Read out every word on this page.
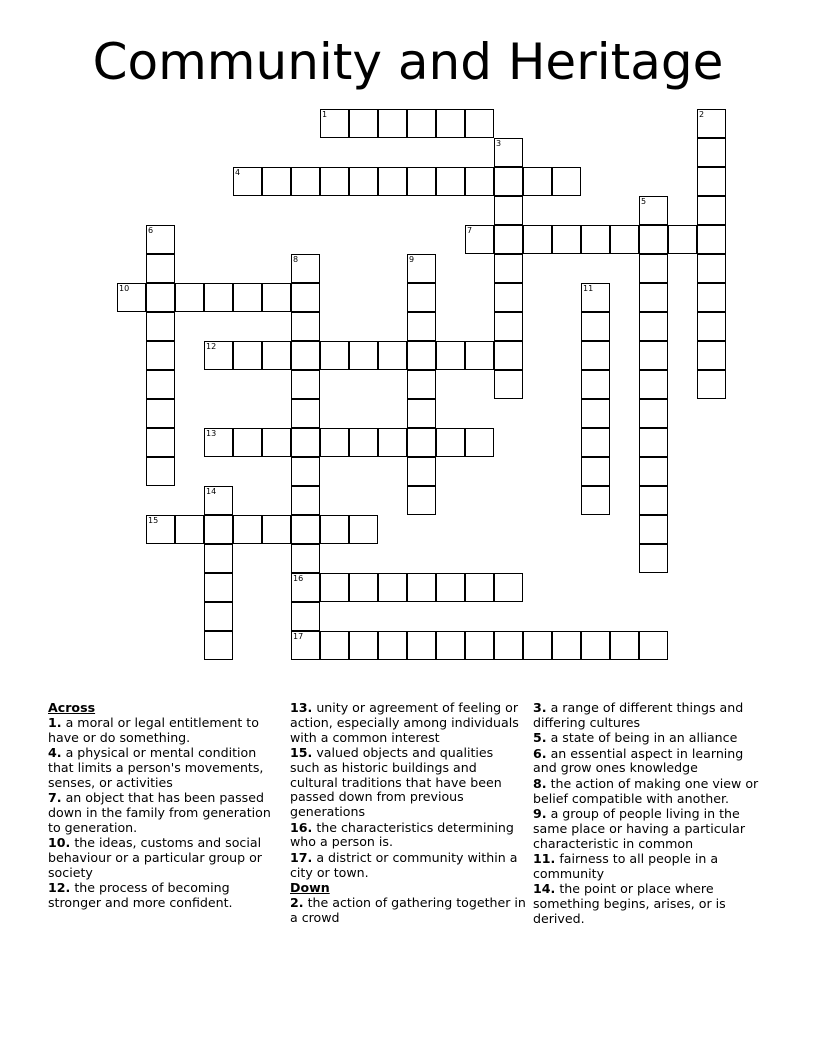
Community and Heritage
1	2
3
4
5
6	7
8
16
17
9
10	11
12
13
14
15
Across
1. a moral or legal entitlement to have or do something.
4. a physical or mental condition that limits a person's movements, senses, or activities
7. an object that has been passed down in the family from generation to generation.
10. the ideas, customs and social behaviour or a particular group or society
12. the process of becoming stronger and more confident.
13. unity or agreement of feeling or action, especially among individuals with a common interest
15. valued objects and qualities such as historic buildings and cultural traditions that have been passed down from previous generations
16. the characteristics determining who a person is.
17. a district or community within a city or town.
Down
2. the action of gathering together in a crowd
3. a range of different things and differing cultures
5. a state of being in an alliance
6. an essential aspect in learning and grow ones knowledge
8. the action of making one view or belief compatible with another.
9. a group of people living in the same place or having a particular characteristic in common
11. fairness to all people in a community
14. the point or place where something begins, arises, or is derived.
